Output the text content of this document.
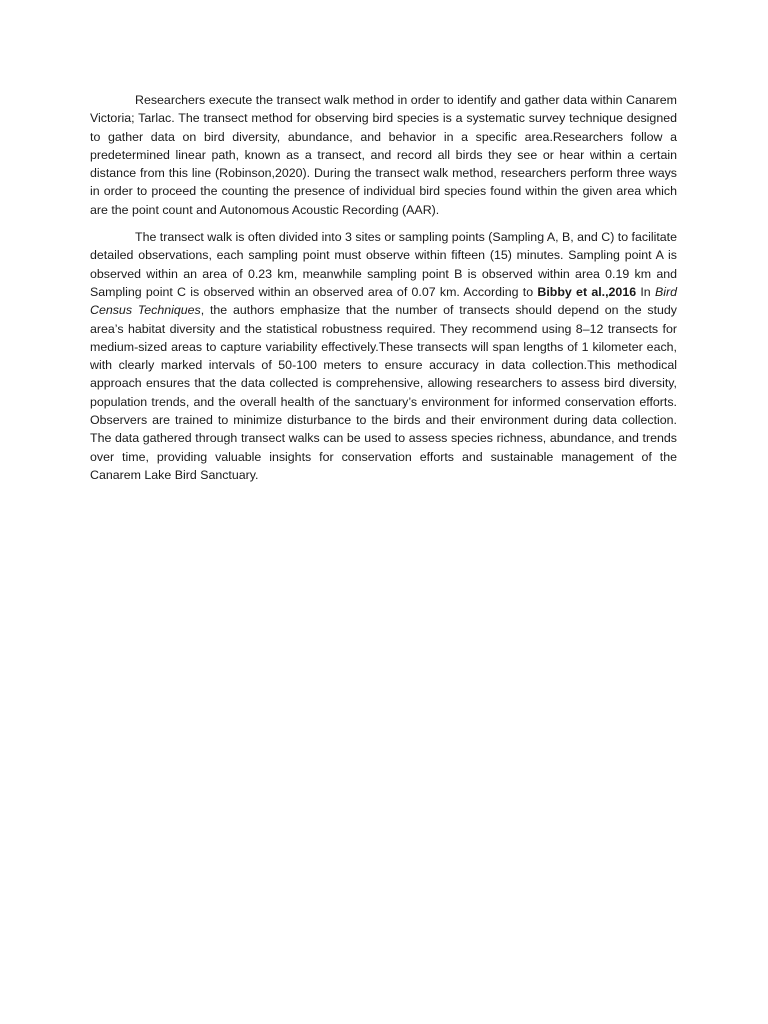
Researchers execute the transect walk method in order to identify and gather data within Canarem Victoria; Tarlac. The transect method for observing bird species is a systematic survey technique designed to gather data on bird diversity, abundance, and behavior in a specific area.Researchers follow a predetermined linear path, known as a transect, and record all birds they see or hear within a certain distance from this line (Robinson,2020). During the transect walk method, researchers perform three ways in order to proceed the counting the presence of individual bird species found within the given area which are the point count and Autonomous Acoustic Recording (AAR).

The transect walk is often divided into 3 sites or sampling points (Sampling A, B, and C) to facilitate detailed observations, each sampling point must observe within fifteen (15) minutes. Sampling point A is observed within an area of 0.23 km, meanwhile sampling point B is observed within area 0.19 km and Sampling point C is observed within an observed area of 0.07 km. According to Bibby et al.,2016 In Bird Census Techniques, the authors emphasize that the number of transects should depend on the study area’s habitat diversity and the statistical robustness required. They recommend using 8–12 transects for medium-sized areas to capture variability effectively.These transects will span lengths of 1 kilometer each, with clearly marked intervals of 50-100 meters to ensure accuracy in data collection.This methodical approach ensures that the data collected is comprehensive, allowing researchers to assess bird diversity, population trends, and the overall health of the sanctuary’s environment for informed conservation efforts. Observers are trained to minimize disturbance to the birds and their environment during data collection. The data gathered through transect walks can be used to assess species richness, abundance, and trends over time, providing valuable insights for conservation efforts and sustainable management of the Canarem Lake Bird Sanctuary.
